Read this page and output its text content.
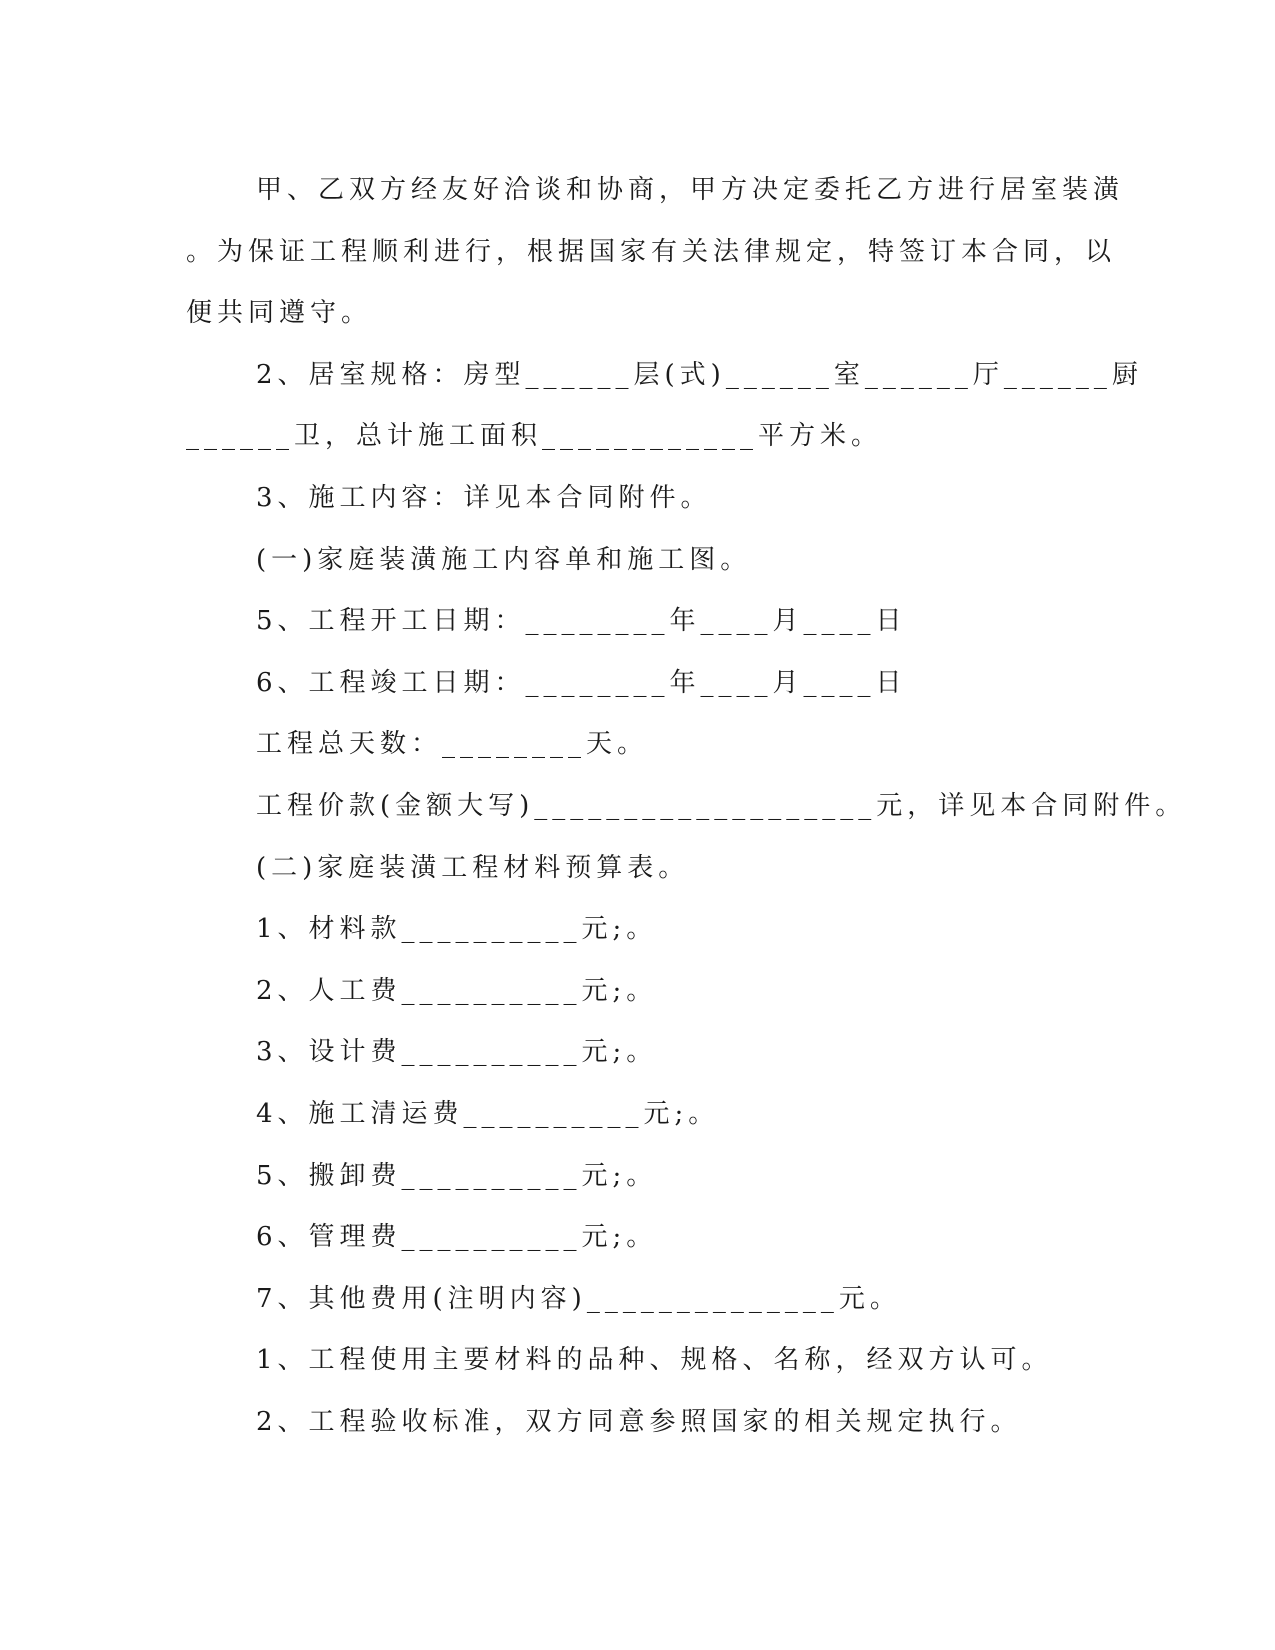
甲、乙双方经友好洽谈和协商，甲方决定委托乙方进行居室装潢
。为保证工程顺利进行，根据国家有关法律规定，特签订本合同，以
便共同遵守。
2、居室规格：房型______层(式)______室______厅______厨
______卫，总计施工面积____________平方米。
3、施工内容：详见本合同附件。
(一)家庭装潢施工内容单和施工图。
5、工程开工日期：________年____月____日
6、工程竣工日期：________年____月____日
工程总天数：________天。
工程价款(金额大写)___________________元，详见本合同附件。
(二)家庭装潢工程材料预算表。
1、材料款__________元;。
2、人工费__________元;。
3、设计费__________元;。
4、施工清运费__________元;。
5、搬卸费__________元;。
6、管理费__________元;。
7、其他费用(注明内容)______________元。
1、工程使用主要材料的品种、规格、名称，经双方认可。
2、工程验收标准，双方同意参照国家的相关规定执行。
